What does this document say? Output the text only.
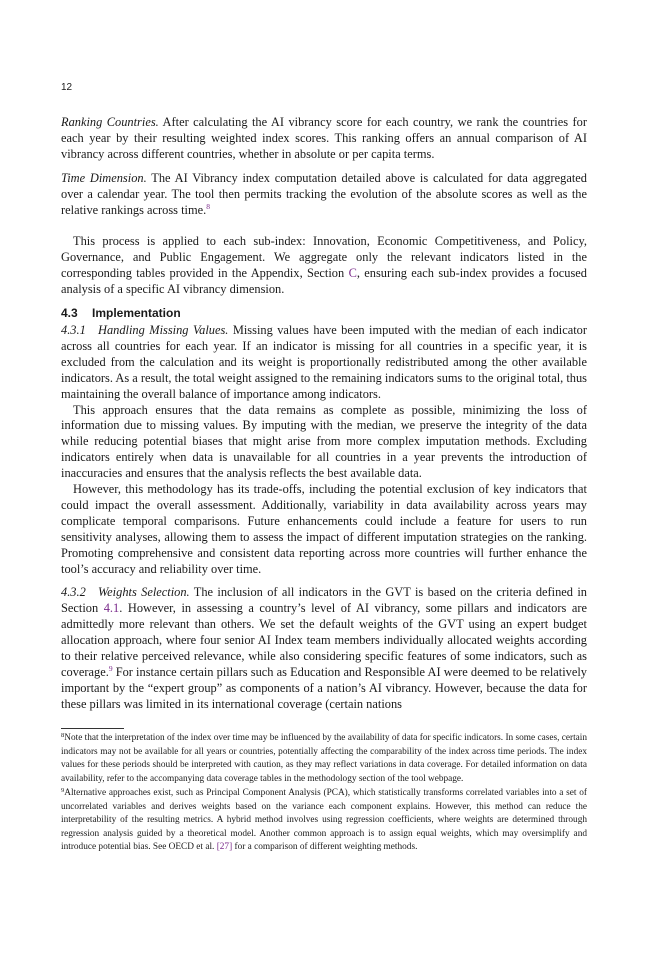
12

Ranking Countries. After calculating the AI vibrancy score for each country, we rank the countries for each year by their resulting weighted index scores. This ranking offers an annual comparison of AI vibrancy across different countries, whether in absolute or per capita terms.

Time Dimension. The AI Vibrancy index computation detailed above is calculated for data aggregated over a calendar year. The tool then permits tracking the evolution of the absolute scores as well as the relative rankings across time.$^8$

This process is applied to each sub-index: Innovation, Economic Competitiveness, and Policy, Governance, and Public Engagement. We aggregate only the relevant indicators listed in the corresponding tables provided in the Appendix, Section C, ensuring each sub-index provides a focused analysis of a specific AI vibrancy dimension.

4.3 Implementation

4.3.1 Handling Missing Values. Missing values have been imputed with the median of each indicator across all countries for each year. If an indicator is missing for all countries in a specific year, it is excluded from the calculation and its weight is proportionally redistributed among the other available indicators. As a result, the total weight assigned to the remaining indicators sums to the original total, thus maintaining the overall balance of importance among indicators.

This approach ensures that the data remains as complete as possible, minimizing the loss of information due to missing values. By imputing with the median, we preserve the integrity of the data while reducing potential biases that might arise from more complex imputation methods. Excluding indicators entirely when data is unavailable for all countries in a year prevents the introduction of inaccuracies and ensures that the analysis reflects the best available data.

However, this methodology has its trade-offs, including the potential exclusion of key indicators that could impact the overall assessment. Additionally, variability in data availability across years may complicate temporal comparisons. Future enhancements could include a feature for users to run sensitivity analyses, allowing them to assess the impact of different imputation strategies on the ranking. Promoting comprehensive and consistent data reporting across more countries will further enhance the tool’s accuracy and reliability over time.

4.3.2 Weights Selection. The inclusion of all indicators in the GVT is based on the criteria defined in Section 4.1. However, in assessing a country’s level of AI vibrancy, some pillars and indicators are admittedly more relevant than others. We set the default weights of the GVT using an expert budget allocation approach, where four senior AI Index team members individually allocated weights according to their relative perceived relevance, while also considering specific features of some indicators, such as coverage.$^9$ For instance certain pillars such as Education and Responsible AI were deemed to be relatively important by the “expert group” as components of a nation’s AI vibrancy. However, because the data for these pillars was limited in its international coverage (certain nations

$^8$Note that the interpretation of the index over time may be influenced by the availability of data for specific indicators. In some cases, certain indicators may not be available for all years or countries, potentially affecting the comparability of the index across time periods. The index values for these periods should be interpreted with caution, as they may reflect variations in data coverage. For detailed information on data availability, refer to the accompanying data coverage tables in the methodology section of the tool webpage.

$^9$Alternative approaches exist, such as Principal Component Analysis (PCA), which statistically transforms correlated variables into a set of uncorrelated variables and derives weights based on the variance each component explains. However, this method can reduce the interpretability of the resulting metrics. A hybrid method involves using regression coefficients, where weights are determined through regression analysis guided by a theoretical model. Another common approach is to assign equal weights, which may oversimplify and introduce potential bias. See OECD et al. [27] for a comparison of different weighting methods.
